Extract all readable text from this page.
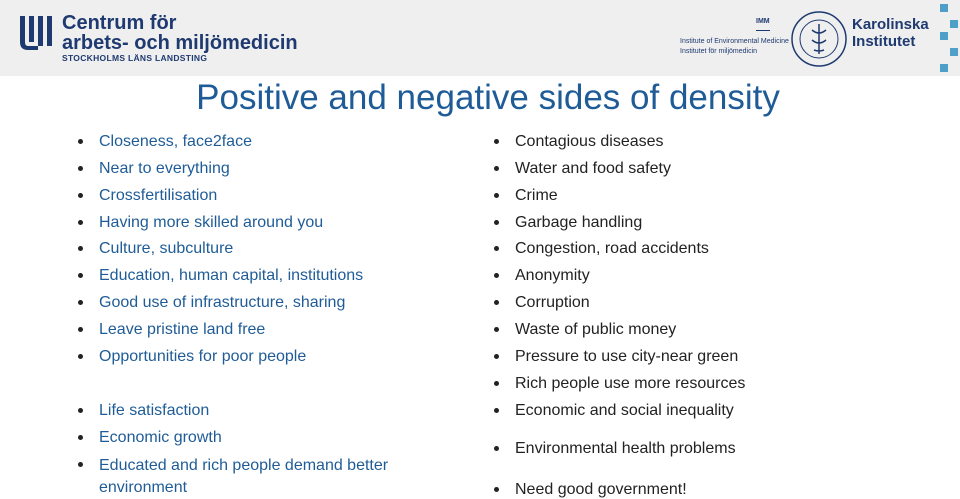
Centrum för
arbets- och miljömedicin
STOCKHOLMS LÄNS LANDSTING
IMM
Institute of Environmental Medicine
Institutet för miljömedicin
Karolinska
Institutet
Positive and negative sides of density
Closeness, face2face
Near to everything
Crossfertilisation
Having more skilled around you
Culture, subculture
Education, human capital, institutions
Good use of infrastructure, sharing
Leave pristine land free
Opportunities for poor people
Life satisfaction
Economic growth
Educated and rich people demand better environment
Contagious diseases
Water and food safety
Crime
Garbage handling
Congestion, road accidents
Anonymity
Corruption
Waste of public money
Pressure to use city-near green
Rich people use more resources
Economic and social inequality
Environmental health problems
Need good government!
